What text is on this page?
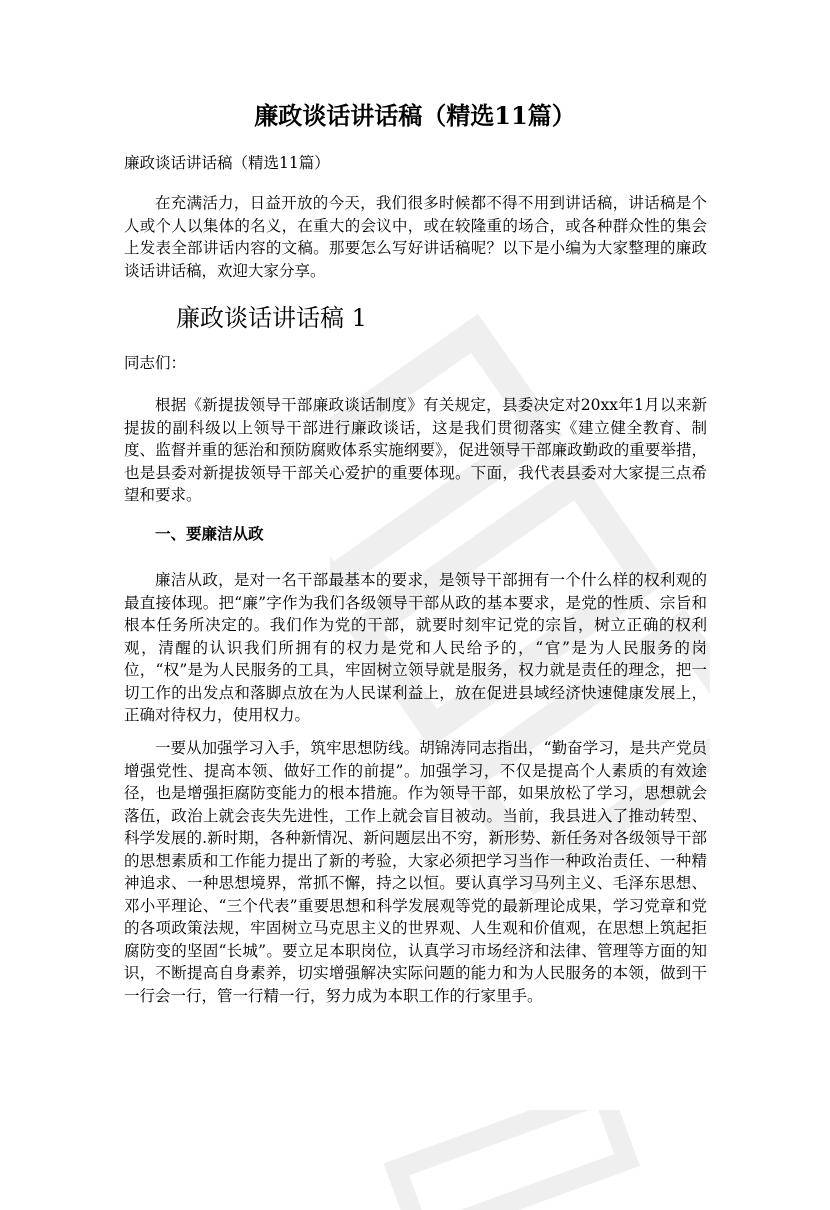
廉政谈话讲话稿（精选11篇）
廉政谈话讲话稿（精选11篇）

在充满活力，日益开放的今天，我们很多时候都不得不用到讲话稿，讲话稿是个人或个人以集体的名义，在重大的会议中，或在较隆重的场合，或各种群众性的集会上发表全部讲话内容的文稿。那要怎么写好讲话稿呢？以下是小编为大家整理的廉政谈话讲话稿，欢迎大家分享。

廉政谈话讲话稿 1
同志们：

根据《新提拔领导干部廉政谈话制度》有关规定，县委决定对20xx年1月以来新提拔的副科级以上领导干部进行廉政谈话，这是我们贯彻落实《建立健全教育、制度、监督并重的惩治和预防腐败体系实施纲要》，促进领导干部廉政勤政的重要举措，也是县委对新提拔领导干部关心爱护的重要体现。下面，我代表县委对大家提三点希望和要求。

一、要廉洁从政

廉洁从政，是对一名干部最基本的要求，是领导干部拥有一个什么样的权利观的最直接体现。把“廉”字作为我们各级领导干部从政的基本要求，是党的性质、宗旨和根本任务所决定的。我们作为党的干部，就要时刻牢记党的宗旨，树立正确的权利观，清醒的认识我们所拥有的权力是党和人民给予的，“官”是为人民服务的岗位，“权”是为人民服务的工具，牢固树立领导就是服务，权力就是责任的理念，把一切工作的出发点和落脚点放在为人民谋利益上，放在促进县域经济快速健康发展上，正确对待权力，使用权力。

一要从加强学习入手，筑牢思想防线。胡锦涛同志指出，“勤奋学习，是共产党员增强党性、提高本领、做好工作的前提”。加强学习，不仅是提高个人素质的有效途径，也是增强拒腐防变能力的根本措施。作为领导干部，如果放松了学习，思想就会落伍，政治上就会丧失先进性，工作上就会盲目被动。当前，我县进入了推动转型、科学发展的.新时期，各种新情况、新问题层出不穷，新形势、新任务对各级领导干部的思想素质和工作能力提出了新的考验，大家必须把学习当作一种政治责任、一种精神追求、一种思想境界，常抓不懈，持之以恒。要认真学习马列主义、毛泽东思想、邓小平理论、“三个代表”重要思想和科学发展观等党的最新理论成果，学习党章和党的各项政策法规，牢固树立马克思主义的世界观、人生观和价值观，在思想上筑起拒腐防变的坚固“长城”。要立足本职岗位，认真学习市场经济和法律、管理等方面的知识，不断提高自身素养，切实增强解决实际问题的能力和为人民服务的本领，做到干一行会一行，管一行精一行，努力成为本职工作的行家里手。
